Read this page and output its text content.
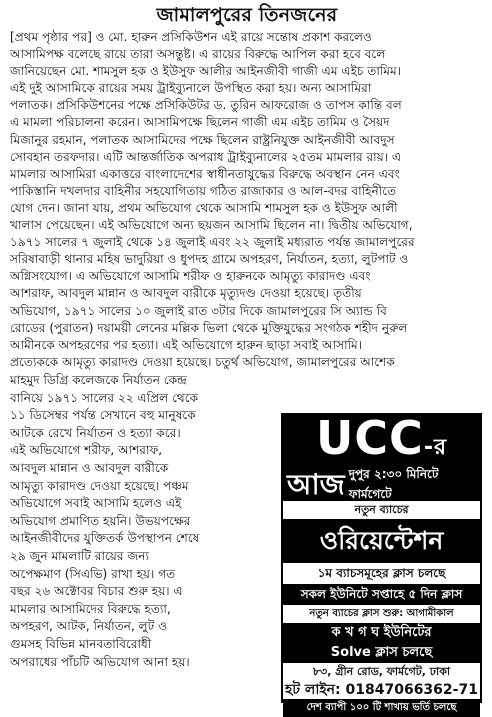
জামালপুরের তিনজনের
[প্রথম পৃষ্ঠার পর] ও মো. হারুন প্রসিকিউশন এই রায়ে সন্তোষ প্রকাশ করলেও
আসামিপক্ষ বলেছে রায়ে তারা অসন্তুষ্ট। এ রায়ের বিরুদ্ধে আপিল করা হবে বলে
জানিয়েছেন মো. শামসুল হক ও ইউসুফ আলীর আইনজীবী গাজী এম এইচ তামিম।
এই দুই আসামিকে রায়ের সময় ট্রাইব্যুনালে উপস্থিত করা হয়। অন্য আসামিরা
পলাতক। প্রসিকিউশনের পক্ষে প্রসিকিউটর ড. তুরিন আফরোজ ও তাপস কান্তি বল
এ মামলা পরিচালনা করেন। আসামিপক্ষে ছিলেন গাজী এম এইচ তামিম ও সৈয়দ
মিজানুর রহমান, পলাতক আসামিদের পক্ষে ছিলেন রাষ্ট্রনিযুক্ত আইনজীবী আবদুস
সোবহান তরফদার। এটি আন্তর্জাতিক অপরাধ ট্রাইব্যুনালের ২৫তম মামলার রায়। এ
মামলার আসামিরা একাত্তরে বাংলাদেশের স্বাধীনতাযুদ্ধের বিরুদ্ধে অবস্থান নেন এবং
পাকিস্তানি দখলদার বাহিনীর সহযোগিতায় গঠিত রাজাকার ও আল-বদর বাহিনীতে
যোগ দেন। জানা যায়, প্রথম অভিযোগ থেকে আসামি শামসুল হক ও ইউসুফ আলী
খালাস পেয়েছেন। এই অভিযোগে অন্য ছয়জন আসামি ছিলেন না। দ্বিতীয় অভিযোগ,
১৯৭১ সালের ৭ জুলাই থেকে ১৪ জুলাই এবং ২২ জুলাই মধ্যরাত পর্যন্ত জামালপুরের
সরিষাবাড়ী থানার মহিষ ভাদুরিয়া ও ধুপদহ গ্রামে অপহরণ, নির্যাতন, হত্যা, লুটপাট ও
অগ্নিসংযোগ। এ অভিযোগে আসামি শরীফ ও হারুনকে আমৃত্যু কারাদণ্ড এবং
আশরাফ, আবদুল মান্নান ও আবদুল বারীকে মৃত্যুদণ্ড দেওয়া হয়েছে। তৃতীয়
অভিযোগ, ১৯৭১ সালের ১০ জুলাই রাত ৩টার দিকে জামালপুরের সি অ্যান্ড বি
রোডের (পুরাতন) দয়াময়ী লেনের মল্লিক ভিলা থেকে মুক্তিযুদ্ধের সংগঠক শহীদ নুরুল
আমীনকে অপহরণের পর হত্যা। এই অভিযোগে হারুন ছাড়া সবাই আসামি।
প্রত্যেককে আমৃত্যু কারাদণ্ড দেওয়া হয়েছে। চতুর্থ অভিযোগ, জামালপুরের আশেক
মাহমুদ ডিগ্রি কলেজকে নির্যাতন কেন্দ্র
বানিয়ে ১৯৭১ সালের ২২ এপ্রিল থেকে
১১ ডিসেম্বর পর্যন্ত সেখানে বহু মানুষকে
আটকে রেখে নির্যাতন ও হত্যা করে।
এই অভিযোগে শরীফ, আশরাফ,
আবদুল মান্নান ও আবদুল বারীকে
আমৃত্যু কারাদণ্ড দেওয়া হয়েছে। পঞ্চম
অভিযোগে সবাই আসামি হলেও এই
অভিযোগ প্রমাণিত হয়নি। উভয়পক্ষের
আইনজীবীদের যুক্তিতর্ক উপস্থাপন শেষে
২৯ জুন মামলাটি রায়ের জন্য
অপেক্ষমাণ (সিএভি) রাখা হয়। গত
বছর ২৬ অক্টোবর বিচার শুরু হয়। এ
মামলার আসামিদের বিরুদ্ধে হত্যা,
অপহরণ, আটক, নির্যাতন, লুট ও
গুমসহ বিভিন্ন মানবতাবিরোধী
অপরাধের পাঁচটি অভিযোগ আনা হয়।
UCC-র
আজ দুপুর ২:৩০ মিনিটে ফার্মগেটে
নতুন ব্যাচের
ওরিয়েন্টেশন
১ম ব্যাচসমূহের ক্লাস চলছে
সকল ইউনিটে সপ্তাহে ৫ দিন ক্লাস
নতুন ব্যাচের ক্লাস শুরু: আগামীকাল
ক খ গ ঘ ইউনিটের
Solve ক্লাস চলছে
৮৩, গ্রীন রোড, ফার্মগেট, ঢাকা
হট লাইন: 01847066362-71
দেশ ব্যাপী ১০০ টি শাখায় ভর্তি চলছে
